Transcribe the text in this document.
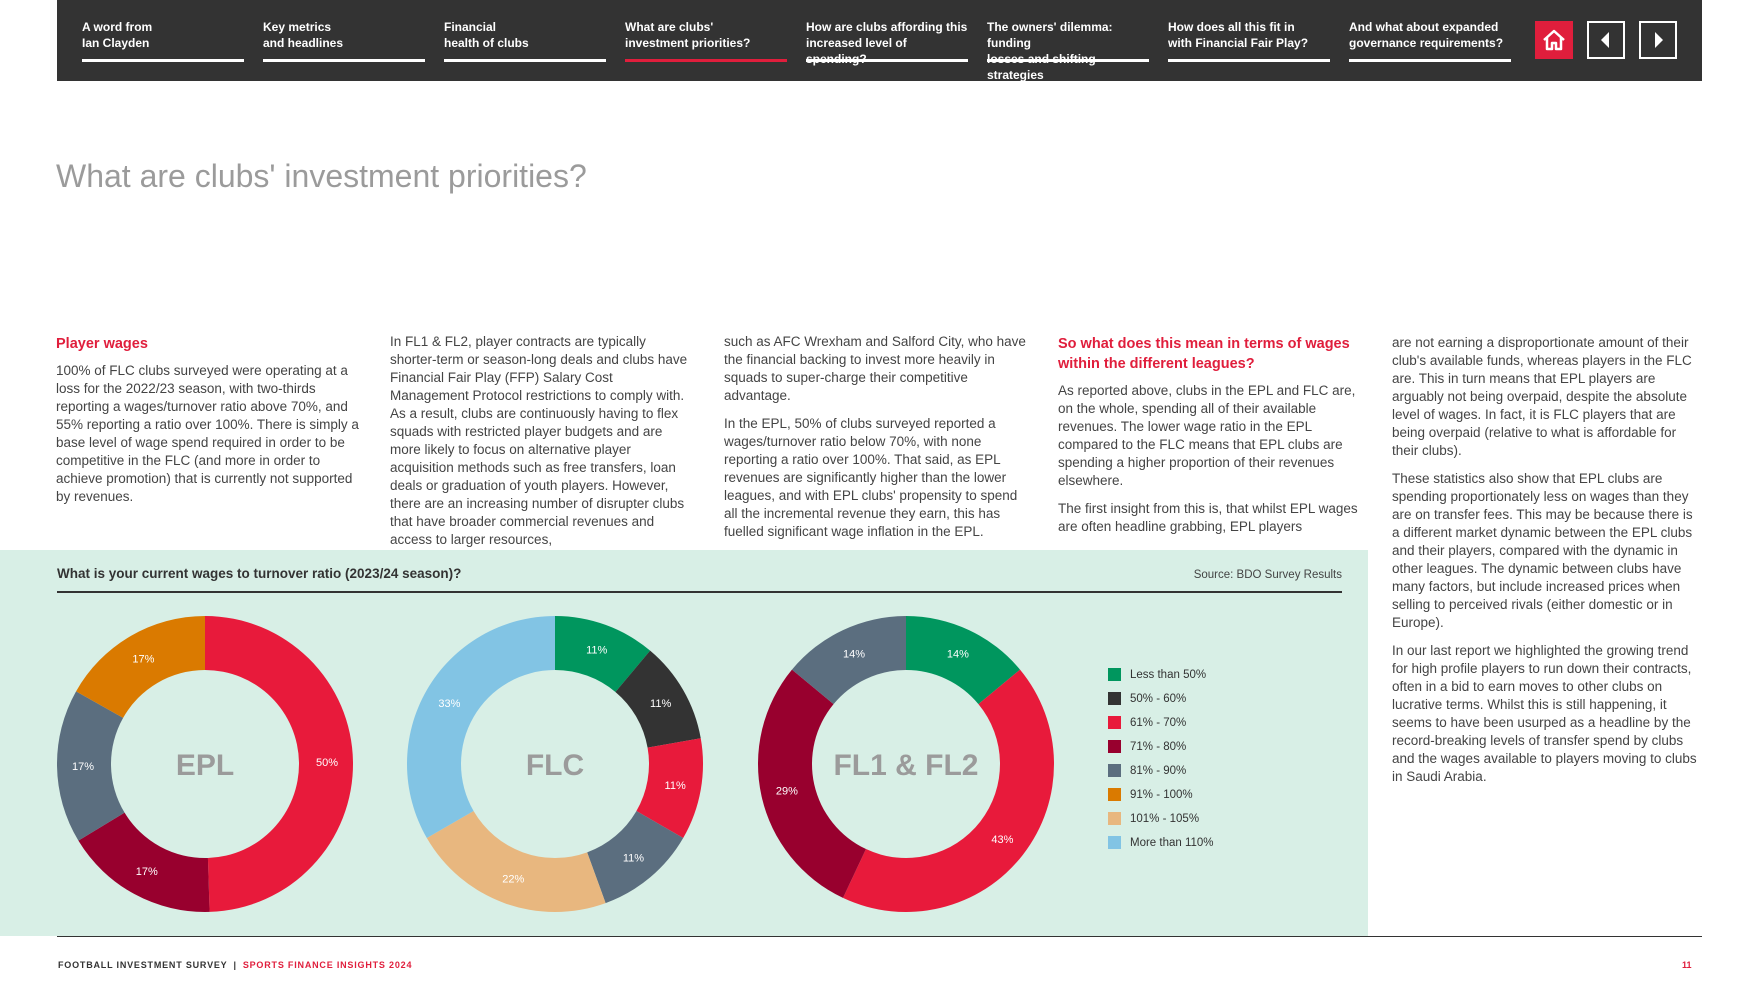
A word from
Ian Clayden
Key metrics
and headlines
Financial
health of clubs
What are clubs'
investment priorities?
How are clubs affording this
increased level of spending?
The owners' dilemma: funding
losses and shifting strategies
How does all this fit in
with Financial Fair Play?
And what about expanded
governance requirements?
What are clubs' investment priorities?
Player wages

100% of FLC clubs surveyed were operating at a loss for the 2022/23 season, with two-thirds reporting a wages/turnover ratio above 70%, and 55% reporting a ratio over 100%. There is simply a base level of wage spend required in order to be competitive in the FLC (and more in order to achieve promotion) that is currently not supported by revenues.

In FL1 & FL2, player contracts are typically shorter-term or season-long deals and clubs have Financial Fair Play (FFP) Salary Cost Management Protocol restrictions to comply with. As a result, clubs are continuously having to flex squads with restricted player budgets and are more likely to focus on alternative player acquisition methods such as free transfers, loan deals or graduation of youth players. However, there are an increasing number of disrupter clubs that have broader commercial revenues and access to larger resources,

such as AFC Wrexham and Salford City, who have the financial backing to invest more heavily in squads to super-charge their competitive advantage.

In the EPL, 50% of clubs surveyed reported a wages/turnover ratio below 70%, with none reporting a ratio over 100%. That said, as EPL revenues are significantly higher than the lower leagues, and with EPL clubs' propensity to spend all the incremental revenue they earn, this has fuelled significant wage inflation in the EPL.

So what does this mean in terms of wages within the different leagues?

As reported above, clubs in the EPL and FLC are, on the whole, spending all of their available revenues. The lower wage ratio in the EPL compared to the FLC means that EPL clubs are spending a higher proportion of their revenues elsewhere.

The first insight from this is, that whilst EPL wages are often headline grabbing, EPL players

are not earning a disproportionate amount of their club's available funds, whereas players in the FLC are. This in turn means that EPL players are arguably not being overpaid, despite the absolute level of wages. In fact, it is FLC players that are being overpaid (relative to what is affordable for their clubs).

These statistics also show that EPL clubs are spending proportionately less on wages than they are on transfer fees. This may be because there is a different market dynamic between the EPL clubs and their players, compared with the dynamic in other leagues. The dynamic between clubs have many factors, but include increased prices when selling to perceived rivals (either domestic or in Europe).

In our last report we highlighted the growing trend for high profile players to run down their contracts, often in a bid to earn moves to other clubs on lucrative terms. Whilst this is still happening, it seems to have been usurped as a headline by the record-breaking levels of transfer spend by clubs and the wages available to players moving to clubs in Saudi Arabia.

What is your current wages to turnover ratio (2023/24 season)?	Source: BDO Survey Results
50%
17%
17%
17%
EPL
11%
11%
11%
11%
22%
33%
FLC
14%
43%
29%
14%
FL1 & FL2
Less than 50%
50% - 60%
61% - 70%
71% - 80%
81% - 90%
91% - 100%
101% - 105%
More than 110%
FOOTBALL INVESTMENT SURVEY | SPORTS FINANCE INSIGHTS 2024	11
